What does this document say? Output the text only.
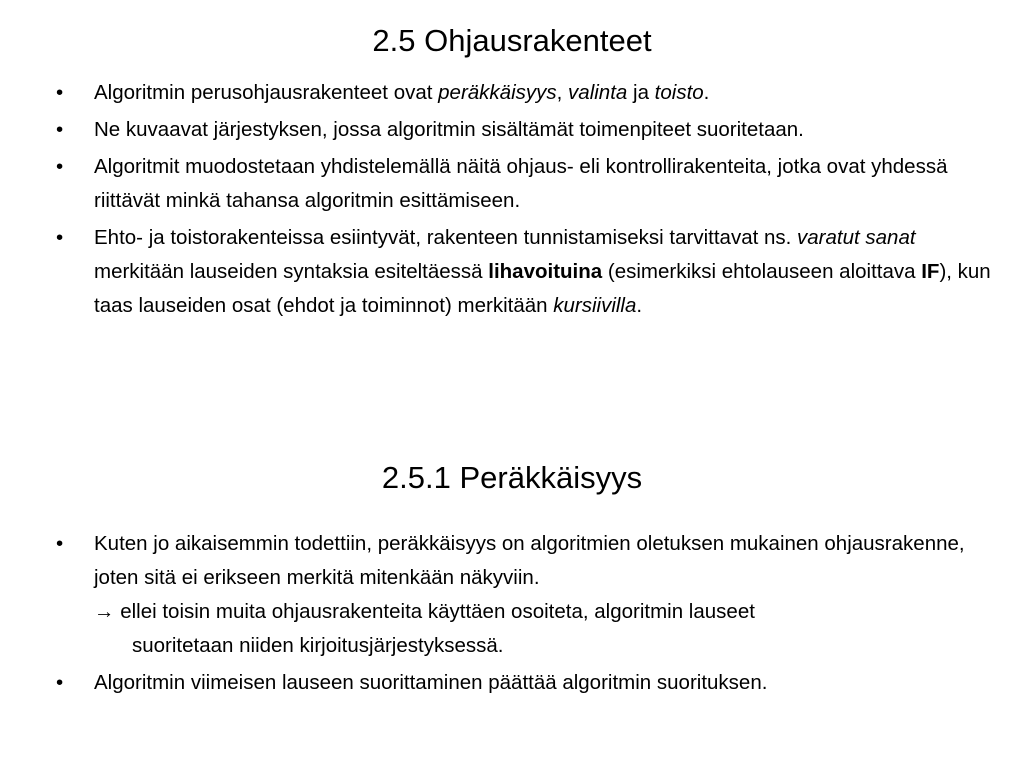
2.5 Ohjausrakenteet
•	Algoritmin perusohjausrakenteet ovat peräkkäisyys, valinta ja toisto.
•	Ne kuvaavat järjestyksen, jossa algoritmin sisältämät toimenpiteet suoritetaan.
•	Algoritmit muodostetaan yhdistelemällä näitä ohjaus- eli kontrollirakenteita, jotka ovat yhdessä riittävät minkä tahansa algoritmin esittämiseen.
•	Ehto- ja toistorakenteissa esiintyvät, rakenteen tunnistamiseksi tarvittavat ns. varatut sanat merkitään lauseiden syntaksia esiteltäessä lihavoituina (esimerkiksi ehtolauseen aloittava IF), kun taas lauseiden osat (ehdot ja toiminnot) merkitään kursiivilla.
2.5.1 Peräkkäisyys
•	Kuten jo aikaisemmin todettiin, peräkkäisyys on algoritmien oletuksen mukainen ohjausrakenne, joten sitä ei erikseen merkitä mitenkään näkyviin.
→ ellei toisin muita ohjausrakenteita käyttäen osoiteta, algoritmin lauseet
suoritetaan niiden kirjoitusjärjestyksessä.
•	Algoritmin viimeisen lauseen suorittaminen päättää algoritmin suorituksen.
